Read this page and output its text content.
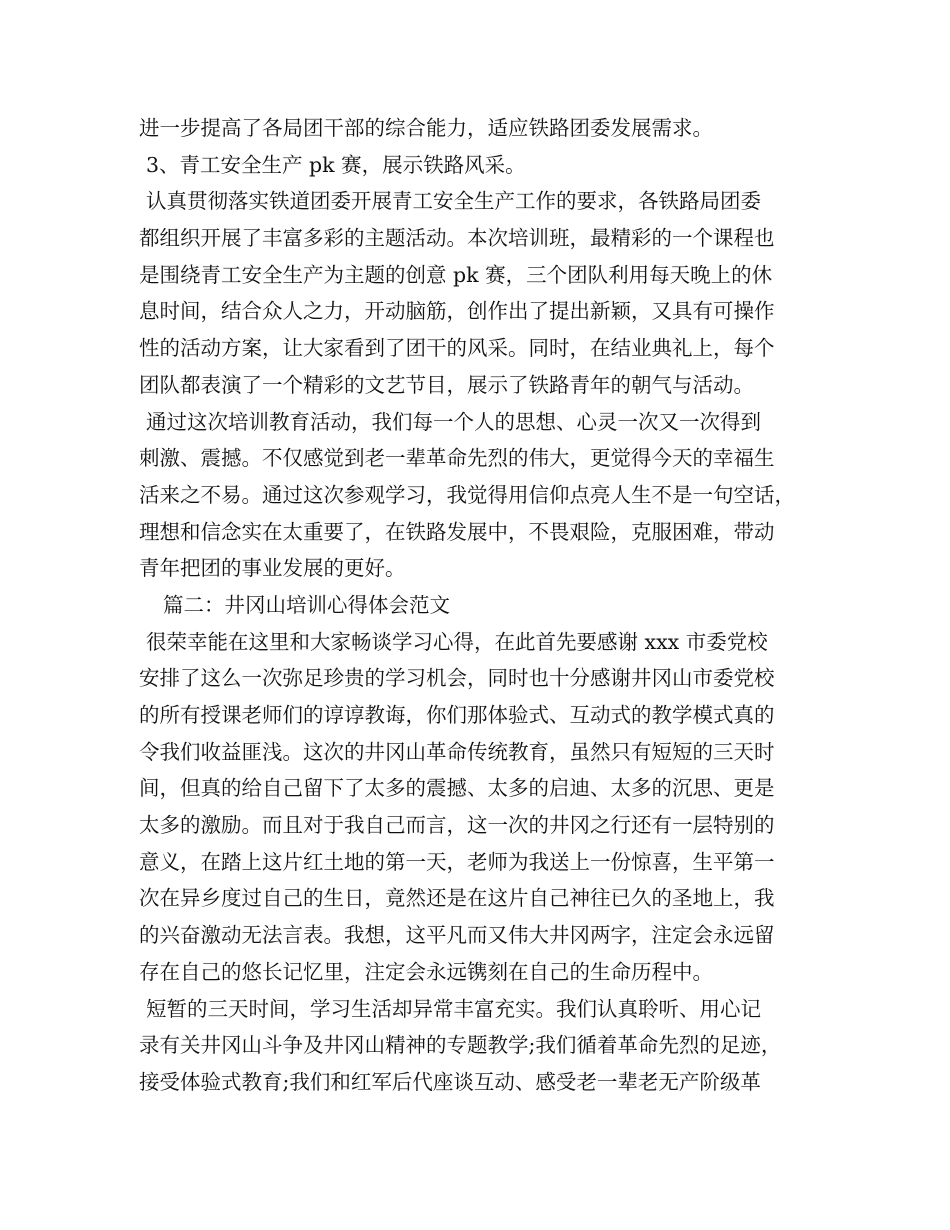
进一步提高了各局团干部的综合能力，适应铁路团委发展需求。
3、青工安全生产 pk 赛，展示铁路风采。
认真贯彻落实铁道团委开展青工安全生产工作的要求，各铁路局团委
都组织开展了丰富多彩的主题活动。本次培训班，最精彩的一个课程也
是围绕青工安全生产为主题的创意 pk 赛，三个团队利用每天晚上的休
息时间，结合众人之力，开动脑筋，创作出了提出新颖，又具有可操作
性的活动方案，让大家看到了团干的风采。同时，在结业典礼上，每个
团队都表演了一个精彩的文艺节目，展示了铁路青年的朝气与活动。
通过这次培训教育活动，我们每一个人的思想、心灵一次又一次得到
刺激、震撼。不仅感觉到老一辈革命先烈的伟大，更觉得今天的幸福生
活来之不易。通过这次参观学习，我觉得用信仰点亮人生不是一句空话，
理想和信念实在太重要了，在铁路发展中，不畏艰险，克服困难，带动
青年把团的事业发展的更好。
篇二：井冈山培训心得体会范文
很荣幸能在这里和大家畅谈学习心得，在此首先要感谢 xxx 市委党校
安排了这么一次弥足珍贵的学习机会，同时也十分感谢井冈山市委党校
的所有授课老师们的谆谆教诲，你们那体验式、互动式的教学模式真的
令我们收益匪浅。这次的井冈山革命传统教育，虽然只有短短的三天时
间，但真的给自己留下了太多的震撼、太多的启迪、太多的沉思、更是
太多的激励。而且对于我自己而言，这一次的井冈之行还有一层特别的
意义，在踏上这片红土地的第一天，老师为我送上一份惊喜，生平第一
次在异乡度过自己的生日，竟然还是在这片自己神往已久的圣地上，我
的兴奋激动无法言表。我想，这平凡而又伟大井冈两字，注定会永远留
存在自己的悠长记忆里，注定会永远镌刻在自己的生命历程中。
短暂的三天时间，学习生活却异常丰富充实。我们认真聆听、用心记
录有关井冈山斗争及井冈山精神的专题教学;我们循着革命先烈的足迹，
接受体验式教育;我们和红军后代座谈互动、感受老一辈老无产阶级革
